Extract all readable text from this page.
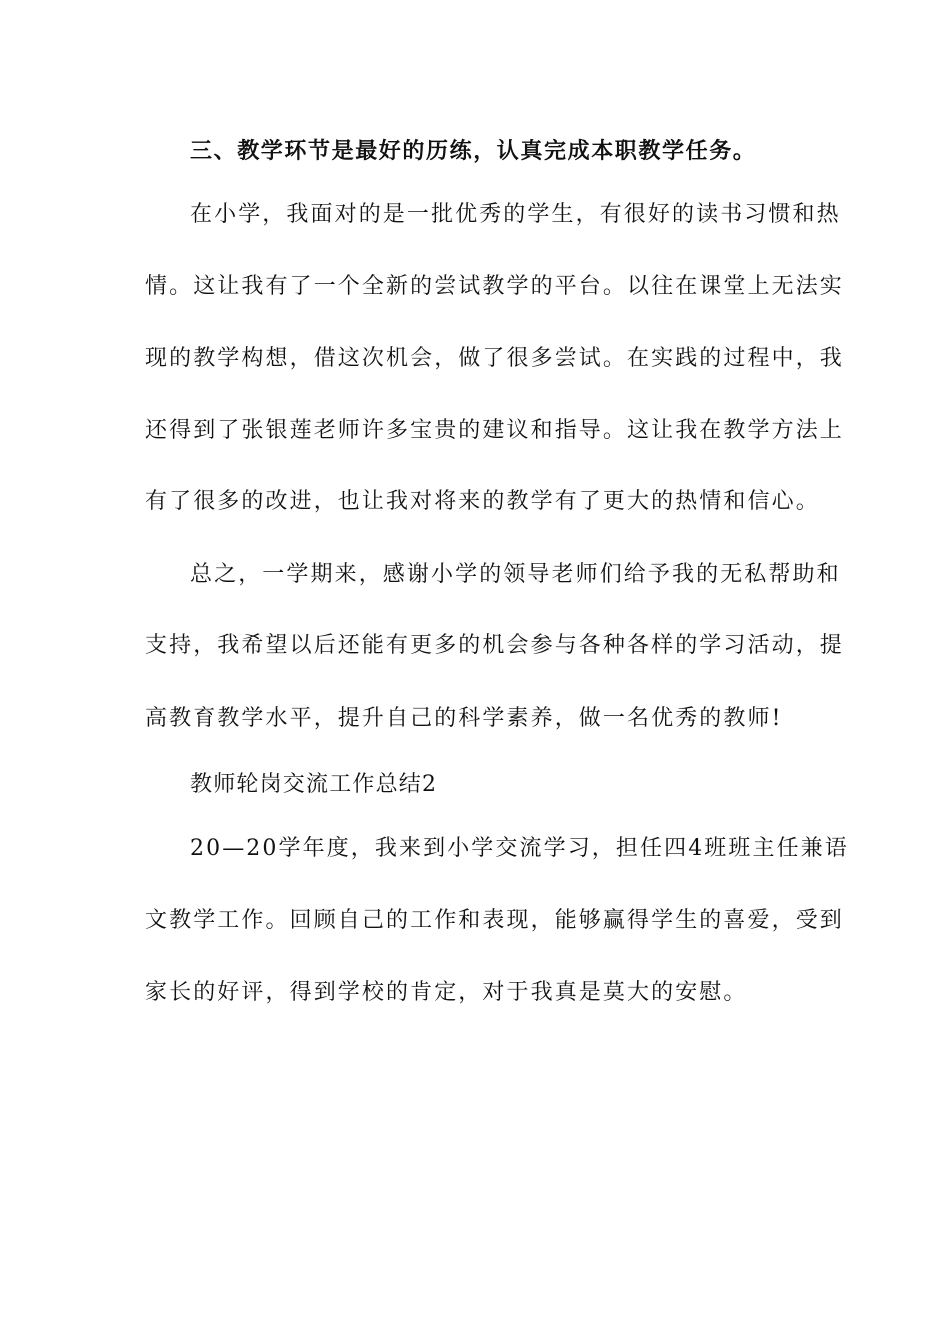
三、教学环节是最好的历练，认真完成本职教学任务。
在小学，我面对的是一批优秀的学生，有很好的读书习惯和热
情。这让我有了一个全新的尝试教学的平台。以往在课堂上无法实
现的教学构想，借这次机会，做了很多尝试。在实践的过程中，我
还得到了张银莲老师许多宝贵的建议和指导。这让我在教学方法上
有了很多的改进，也让我对将来的教学有了更大的热情和信心。
总之，一学期来，感谢小学的领导老师们给予我的无私帮助和
支持，我希望以后还能有更多的机会参与各种各样的学习活动，提
高教育教学水平，提升自己的科学素养，做一名优秀的教师!
教师轮岗交流工作总结2
20—20学年度，我来到小学交流学习，担任四4班班主任兼语
文教学工作。回顾自己的工作和表现，能够赢得学生的喜爱，受到
家长的好评，得到学校的肯定，对于我真是莫大的安慰。
